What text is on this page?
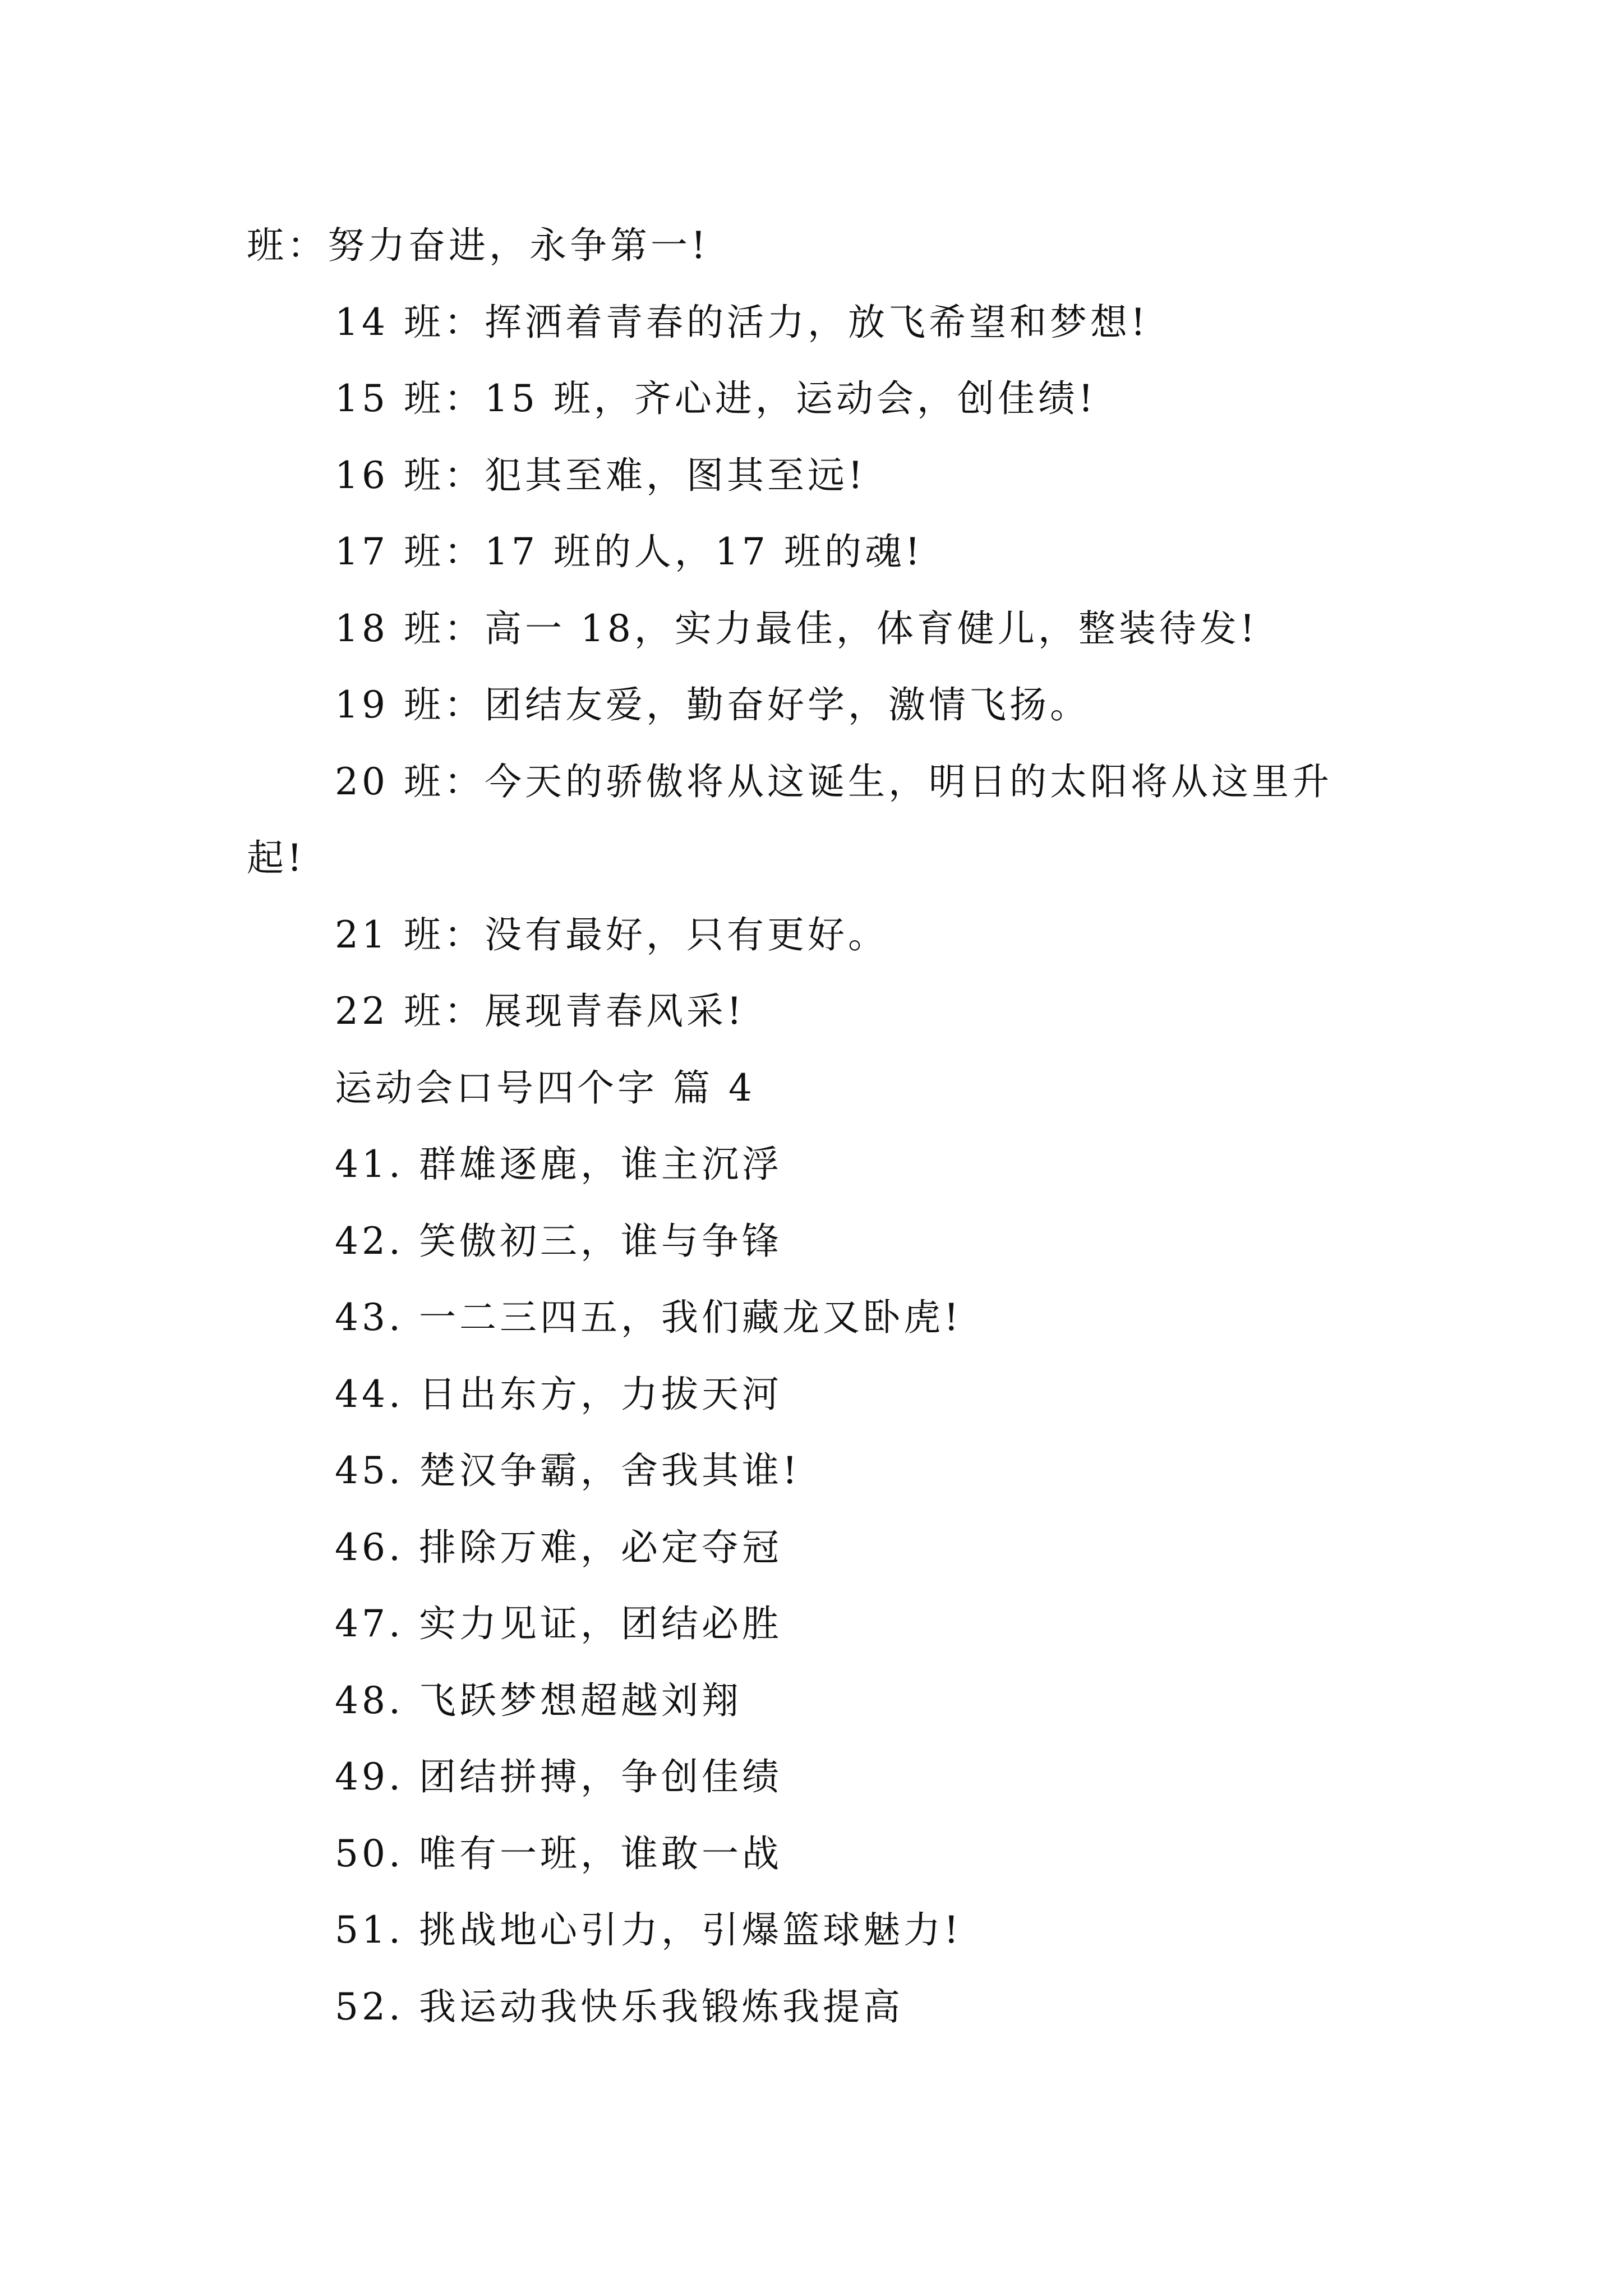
班：努力奋进，永争第一!
14 班：挥洒着青春的活力，放飞希望和梦想!
15 班：15 班，齐心进，运动会，创佳绩!
16 班：犯其至难，图其至远!
17 班：17 班的人，17 班的魂!
18 班：高一 18，实力最佳，体育健儿，整装待发!
19 班：团结友爱，勤奋好学，激情飞扬。
20 班：今天的骄傲将从这诞生，明日的太阳将从这里升
起!
21 班：没有最好，只有更好。
22 班：展现青春风采!
运动会口号四个字 篇 4
41. 群雄逐鹿，谁主沉浮
42. 笑傲初三，谁与争锋
43. 一二三四五，我们藏龙又卧虎!
44. 日出东方，力拔天河
45. 楚汉争霸，舍我其谁!
46. 排除万难，必定夺冠
47. 实力见证，团结必胜
48. 飞跃梦想超越刘翔
49. 团结拼搏，争创佳绩
50. 唯有一班，谁敢一战
51. 挑战地心引力，引爆篮球魅力!
52. 我运动我快乐我锻炼我提高
